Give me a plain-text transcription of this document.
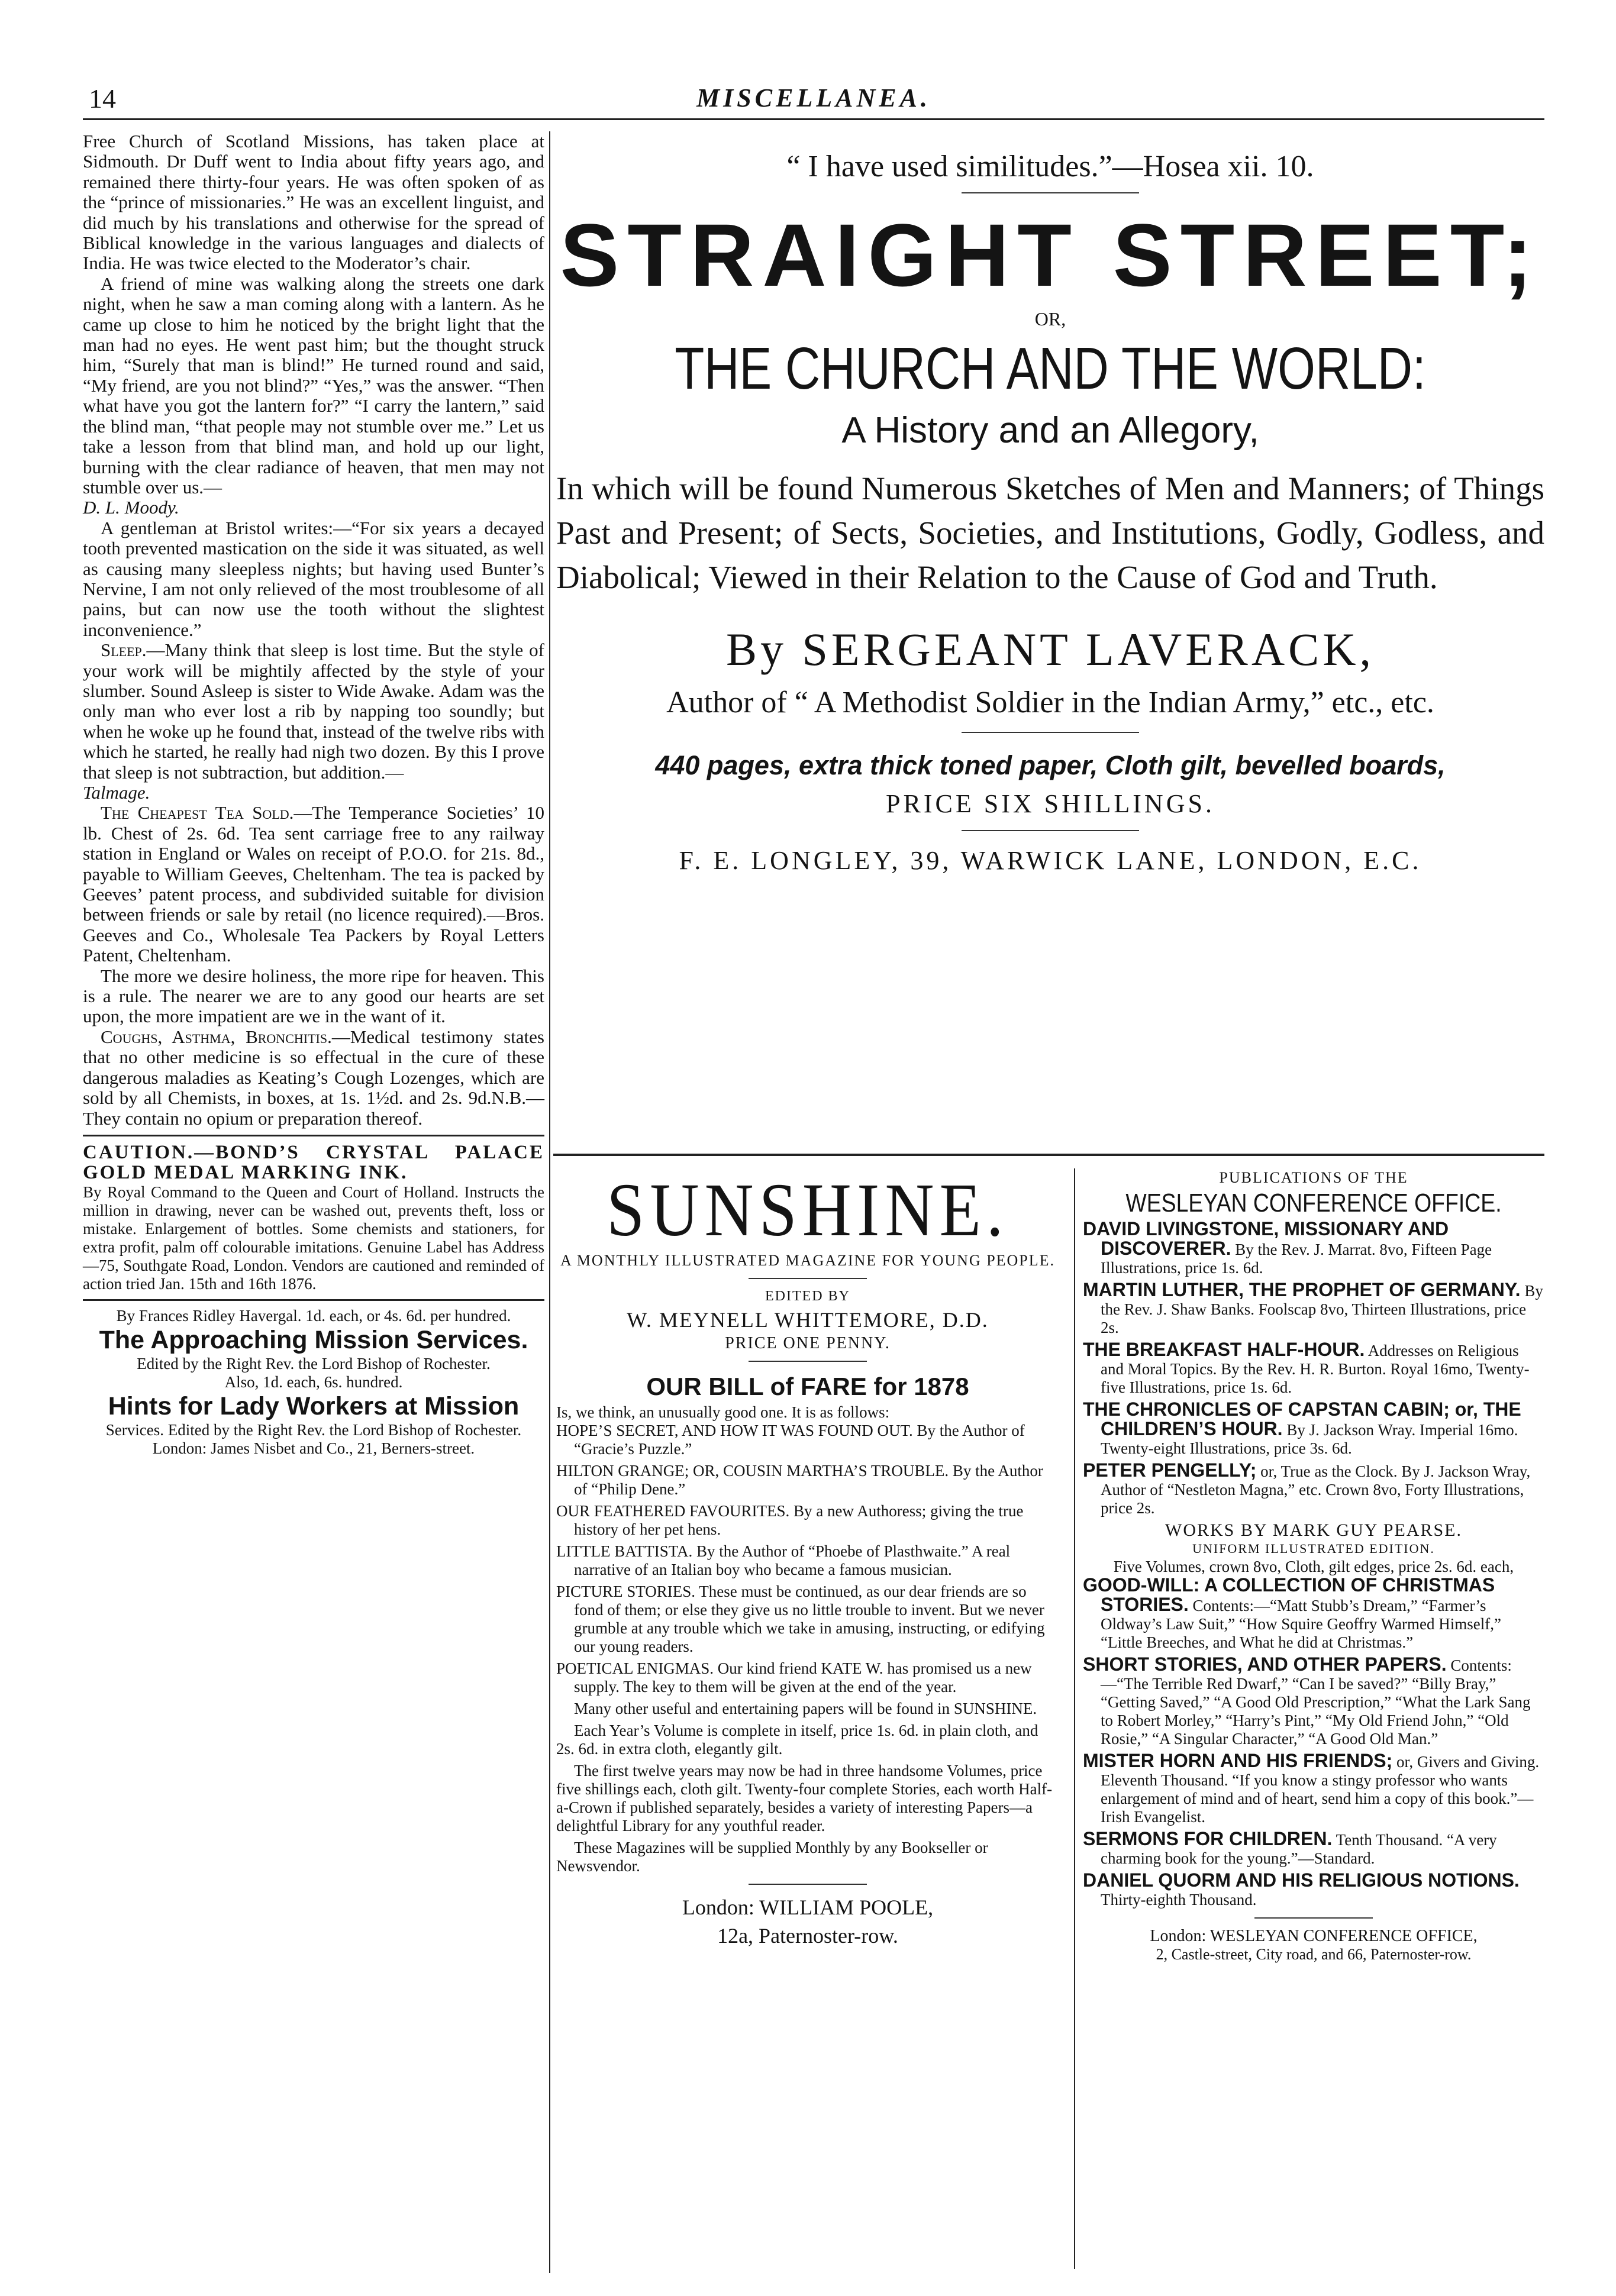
14	MISCELLANEA.

Free Church of Scotland Missions, has taken place at Sidmouth. Dr Duff went to India about fifty years ago, and remained there thirty-four years. He was often spoken of as the “prince of missionaries.” He was an excellent linguist, and did much by his translations and otherwise for the spread of Biblical knowledge in the various languages and dialects of India. He was twice elected to the Moderator’s chair.

A friend of mine was walking along the streets one dark night, when he saw a man coming along with a lantern. As he came up close to him he noticed by the bright light that the man had no eyes. He went past him; but the thought struck him, “Surely that man is blind!” He turned round and said, “My friend, are you not blind?” “Yes,” was the answer. “Then what have you got the lantern for?” “I carry the lantern,” said the blind man, “that people may not stumble over me.” Let us take a lesson from that blind man, and hold up our light, burning with the clear radiance of heaven, that men may not stumble over us.—

D. L. Moody.

A gentleman at Bristol writes:—“For six years a decayed tooth prevented mastication on the side it was situated, as well as causing many sleepless nights; but having used Bunter’s Nervine, I am not only relieved of the most troublesome of all pains, but can now use the tooth without the slightest inconvenience.”

Sleep.—Many think that sleep is lost time. But the style of your work will be mightily affected by the style of your slumber. Sound Asleep is sister to Wide Awake. Adam was the only man who ever lost a rib by napping too soundly; but when he woke up he found that, instead of the twelve ribs with which he started, he really had nigh two dozen. By this I prove that sleep is not subtraction, but addition.—

Talmage.

The Cheapest Tea Sold.—The Temperance Societies’ 10 lb. Chest of 2s. 6d. Tea sent carriage free to any railway station in England or Wales on receipt of P.O.O. for 21s. 8d., payable to William Geeves, Cheltenham. The tea is packed by Geeves’ patent process, and subdivided suitable for division between friends or sale by retail (no licence required).—Bros. Geeves and Co., Wholesale Tea Packers by Royal Letters Patent, Cheltenham.

The more we desire holiness, the more ripe for heaven. This is a rule. The nearer we are to any good our hearts are set upon, the more impatient are we in the want of it.

Coughs, Asthma, Bronchitis.—Medical testimony states that no other medicine is so effectual in the cure of these dangerous maladies as Keating’s Cough Lozenges, which are sold by all Chemists, in boxes, at 1s. 1½d. and 2s. 9d.N.B.—They contain no opium or preparation thereof.

CAUTION.—BOND’S CRYSTAL PALACE GOLD MEDAL MARKING INK.

By Royal Command to the Queen and Court of Holland. Instructs the million in drawing, never can be washed out, prevents theft, loss or mistake. Enlargement of bottles. Some chemists and stationers, for extra profit, palm off colourable imitations. Genuine Label has Address—75, Southgate Road, London. Vendors are cautioned and reminded of action tried Jan. 15th and 16th 1876.

By Frances Ridley Havergal. 1d. each, or 4s. 6d. per hundred.

The Approaching Mission Services.

Edited by the Right Rev. the Lord Bishop of Rochester.

Also, 1d. each, 6s. hundred.

Hints for Lady Workers at Mission

Services. Edited by the Right Rev. the Lord Bishop of Rochester.

London: James Nisbet and Co., 21, Berners-street.

“ I have used similitudes.”—Hosea xii. 10.
STRAIGHT STREET;
OR,
THE CHURCH AND THE WORLD:
A History and an Allegory,
In which will be found Numerous Sketches of Men and Manners; of Things Past and Present; of Sects, Societies, and Institutions, Godly, Godless, and Diabolical; Viewed in their Relation to the Cause of God and Truth.
By SERGEANT LAVERACK,
Author of “ A Methodist Soldier in the Indian Army,” etc., etc.
440 pages, extra thick toned paper, Cloth gilt, bevelled boards,
PRICE SIX SHILLINGS.
F. E. LONGLEY, 39, WARWICK LANE, LONDON, E.C.
SUNSHINE.
A MONTHLY ILLUSTRATED MAGAZINE FOR YOUNG PEOPLE.
EDITED BY
W. MEYNELL WHITTEMORE, D.D.
PRICE ONE PENNY.
OUR BILL of FARE for 1878
Is, we think, an unusually good one. It is as follows:
HOPE’S SECRET, AND HOW IT WAS FOUND OUT. By the Author of “Gracie’s Puzzle.”
HILTON GRANGE; OR, COUSIN MARTHA’S TROUBLE. By the Author of “Philip Dene.”
OUR FEATHERED FAVOURITES. By a new Authoress; giving the true history of her pet hens.
LITTLE BATTISTA. By the Author of “Phoebe of Plasthwaite.” A real narrative of an Italian boy who became a famous musician.
PICTURE STORIES. These must be continued, as our dear friends are so fond of them; or else they give us no little trouble to invent. But we never grumble at any trouble which we take in amusing, instructing, or edifying our young readers.
POETICAL ENIGMAS. Our kind friend KATE W. has promised us a new supply. The key to them will be given at the end of the year.
Many other useful and entertaining papers will be found in SUNSHINE.
Each Year’s Volume is complete in itself, price 1s. 6d. in plain cloth, and 2s. 6d. in extra cloth, elegantly gilt.
The first twelve years may now be had in three handsome Volumes, price five shillings each, cloth gilt. Twenty-four complete Stories, each worth Half-a-Crown if published separately, besides a variety of interesting Papers—a delightful Library for any youthful reader.
These Magazines will be supplied Monthly by any Bookseller or Newsvendor.
London: WILLIAM POOLE,
12a, Paternoster-row.
PUBLICATIONS OF THE
WESLEYAN CONFERENCE OFFICE.
DAVID LIVINGSTONE, MISSIONARY AND DISCOVERER. By the Rev. J. Marrat. 8vo, Fifteen Page Illustrations, price 1s. 6d.
MARTIN LUTHER, THE PROPHET OF GERMANY. By the Rev. J. Shaw Banks. Foolscap 8vo, Thirteen Illustrations, price 2s.
THE BREAKFAST HALF-HOUR. Addresses on Religious and Moral Topics. By the Rev. H. R. Burton. Royal 16mo, Twenty-five Illustrations, price 1s. 6d.
THE CHRONICLES OF CAPSTAN CABIN; or, THE CHILDREN’S HOUR. By J. Jackson Wray. Imperial 16mo. Twenty-eight Illustrations, price 3s. 6d.
PETER PENGELLY; or, True as the Clock. By J. Jackson Wray, Author of “Nestleton Magna,” etc. Crown 8vo, Forty Illustrations, price 2s.
WORKS BY MARK GUY PEARSE.
UNIFORM ILLUSTRATED EDITION.
Five Volumes, crown 8vo, Cloth, gilt edges, price 2s. 6d. each,
GOOD-WILL: A COLLECTION OF CHRISTMAS STORIES. Contents:—“Matt Stubb’s Dream,” “Farmer’s Oldway’s Law Suit,” “How Squire Geoffry Warmed Himself,” “Little Breeches, and What he did at Christmas.”
SHORT STORIES, AND OTHER PAPERS. Contents:—“The Terrible Red Dwarf,” “Can I be saved?” “Billy Bray,” “Getting Saved,” “A Good Old Prescription,” “What the Lark Sang to Robert Morley,” “Harry’s Pint,” “My Old Friend John,” “Old Rosie,” “A Singular Character,” “A Good Old Man.”
MISTER HORN AND HIS FRIENDS; or, Givers and Giving. Eleventh Thousand. “If you know a stingy professor who wants enlargement of mind and of heart, send him a copy of this book.”—Irish Evangelist.
SERMONS FOR CHILDREN. Tenth Thousand. “A very charming book for the young.”—Standard.
DANIEL QUORM AND HIS RELIGIOUS NOTIONS. Thirty-eighth Thousand.
London: WESLEYAN CONFERENCE OFFICE,
2, Castle-street, City road, and 66, Paternoster-row.
